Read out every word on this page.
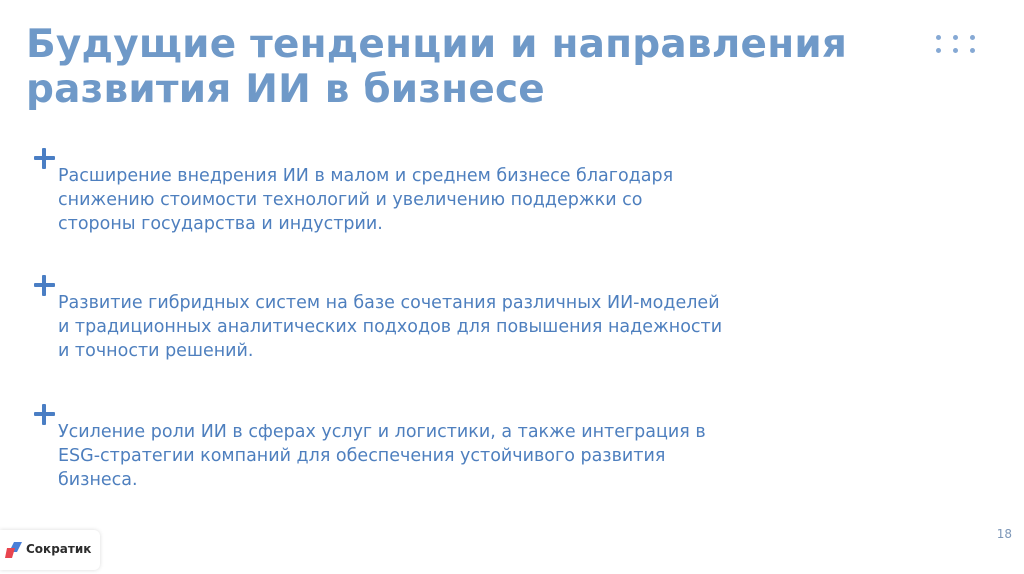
Будущие тенденции и направления развития ИИ в бизнесе

Расширение внедрения ИИ в малом и среднем бизнесе благодаря снижению стоимости технологий и увеличению поддержки со стороны государства и индустрии.

Развитие гибридных систем на базе сочетания различных ИИ-моделей и традиционных аналитических подходов для повышения надежности и точности решений.

Усиление роли ИИ в сферах услуг и логистики, а также интеграция в ESG-стратегии компаний для обеспечения устойчивого развития бизнеса.

18
Сократик
